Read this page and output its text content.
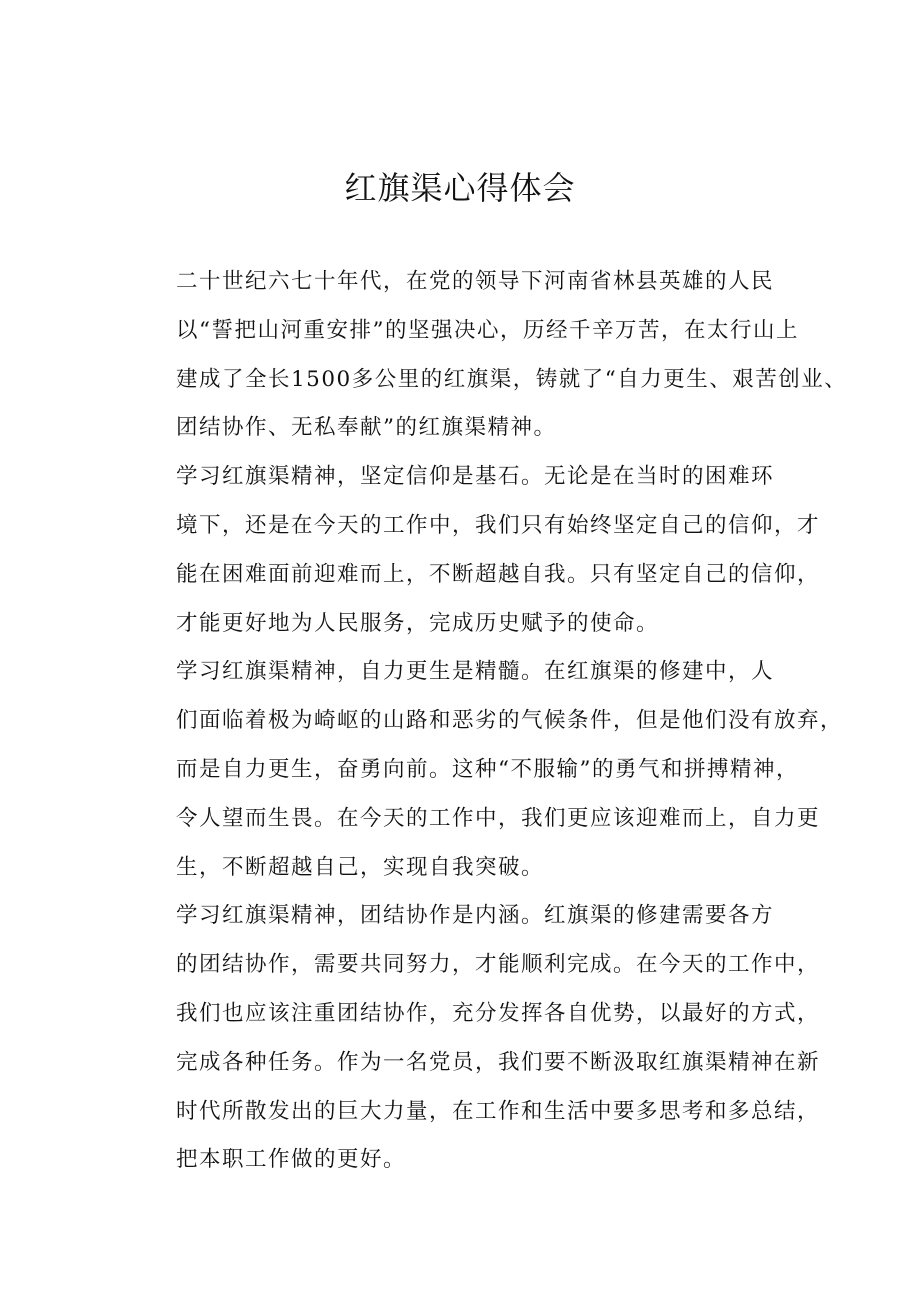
红旗渠心得体会

二十世纪六七十年代，在党的领导下河南省林县英雄的人民
以“誓把山河重安排”的坚强决心，历经千辛万苦，在太行山上
建成了全长1500多公里的红旗渠，铸就了“自力更生、艰苦创业、
团结协作、无私奉献”的红旗渠精神。

学习红旗渠精神，坚定信仰是基石。无论是在当时的困难环
境下，还是在今天的工作中，我们只有始终坚定自己的信仰，才
能在困难面前迎难而上，不断超越自我。只有坚定自己的信仰，
才能更好地为人民服务，完成历史赋予的使命。

学习红旗渠精神，自力更生是精髓。在红旗渠的修建中，人
们面临着极为崎岖的山路和恶劣的气候条件，但是他们没有放弃，
而是自力更生，奋勇向前。这种“不服输”的勇气和拼搏精神，
令人望而生畏。在今天的工作中，我们更应该迎难而上，自力更
生，不断超越自己，实现自我突破。

学习红旗渠精神，团结协作是内涵。红旗渠的修建需要各方
的团结协作，需要共同努力，才能顺利完成。在今天的工作中，
我们也应该注重团结协作，充分发挥各自优势，以最好的方式，
完成各种任务。作为一名党员，我们要不断汲取红旗渠精神在新
时代所散发出的巨大力量，在工作和生活中要多思考和多总结，
把本职工作做的更好。
